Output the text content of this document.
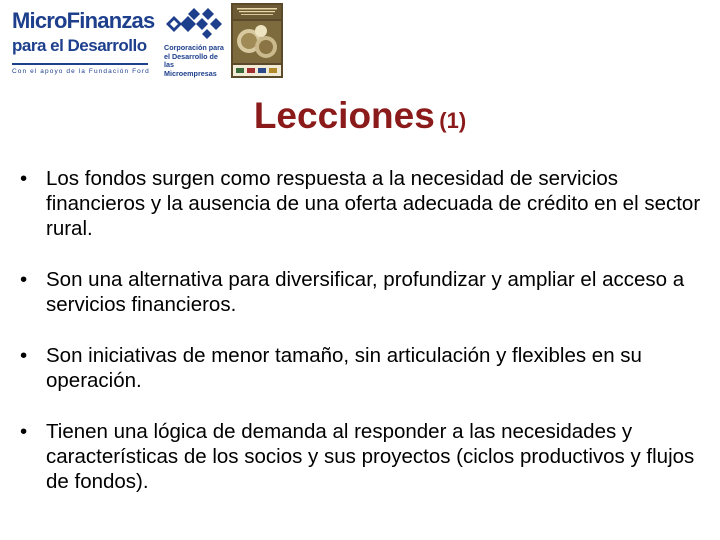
MicroFinanzas
para el Desarrollo
Con el apoyo de la Fundación Ford
Corporación para
el Desarrollo de
las Microempresas
Lecciones (1)
• Los fondos surgen como respuesta a la necesidad de servicios financieros y la ausencia de una oferta adecuada de crédito en el sector rural.
• Son una alternativa para diversificar, profundizar y ampliar el acceso a servicios financieros.
• Son iniciativas de menor tamaño, sin articulación y flexibles en su operación.
• Tienen una lógica de demanda al responder a las necesidades y características de los socios y sus proyectos (ciclos productivos y flujos de fondos).
